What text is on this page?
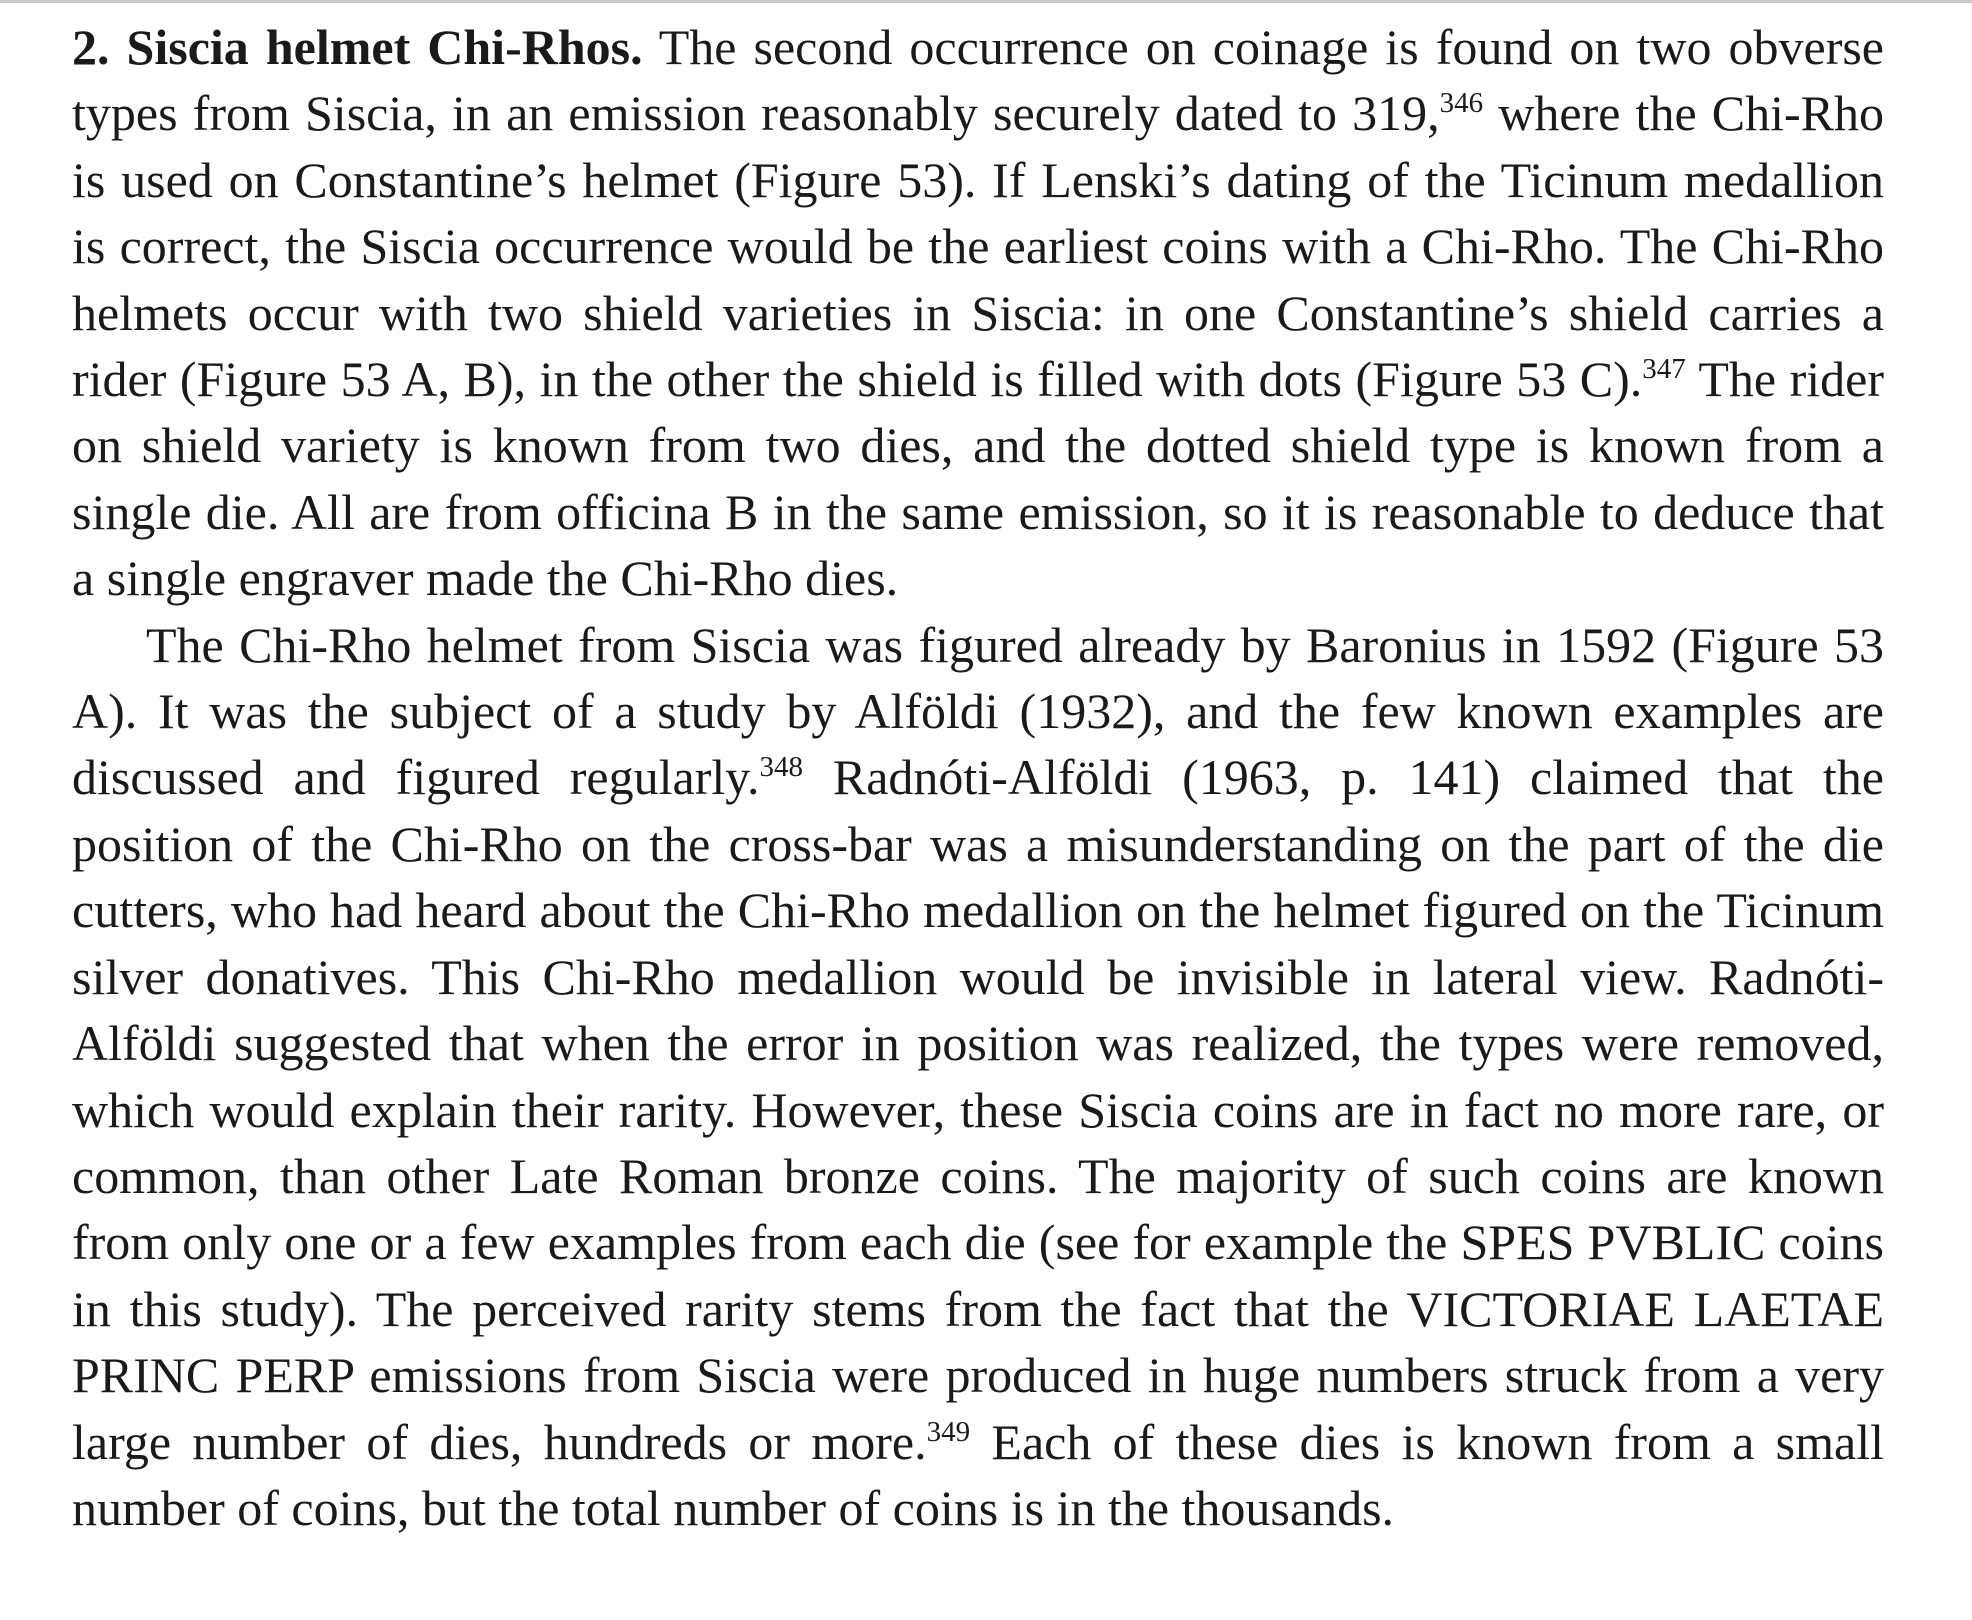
2. Siscia helmet Chi-Rhos. The second occurrence on coinage is found on two obverse types from Siscia, in an emission reasonably securely dated to 319,$^{346}$ where the Chi-Rho is used on Constantine’s helmet (Figure 53). If Lenski’s dating of the Ticinum medallion is correct, the Siscia occurrence would be the earliest coins with a Chi-Rho. The Chi-Rho helmets occur with two shield varieties in Siscia: in one Constantine’s shield carries a rider (Figure 53 A, B), in the other the shield is filled with dots (Figure 53 C).$^{347}$ The rider on shield variety is known from two dies, and the dotted shield type is known from a single die. All are from officina B in the same emission, so it is reasonable to deduce that a single engraver made the Chi-Rho dies.

The Chi-Rho helmet from Siscia was figured already by Baronius in 1592 (Figure 53 A). It was the subject of a study by Alföldi (1932), and the few known examples are discussed and figured regularly.$^{348}$ Radnóti-Alföldi (1963, p. 141) claimed that the position of the Chi-Rho on the cross-bar was a misunderstanding on the part of the die cutters, who had heard about the Chi-Rho medallion on the helmet figured on the Ticinum silver donatives. This Chi-Rho medallion would be invisible in lateral view. Radnóti-Alföldi suggested that when the error in position was realized, the types were removed, which would explain their rarity. However, these Siscia coins are in fact no more rare, or common, than other Late Roman bronze coins. The majority of such coins are known from only one or a few examples from each die (see for example the SPES PVBLIC coins in this study). The perceived rarity stems from the fact that the VICTORIAE LAETAE PRINC PERP emissions from Siscia were produced in huge numbers struck from a very large number of dies, hundreds or more.$^{349}$ Each of these dies is known from a small number of coins, but the total number of coins is in the thousands.
